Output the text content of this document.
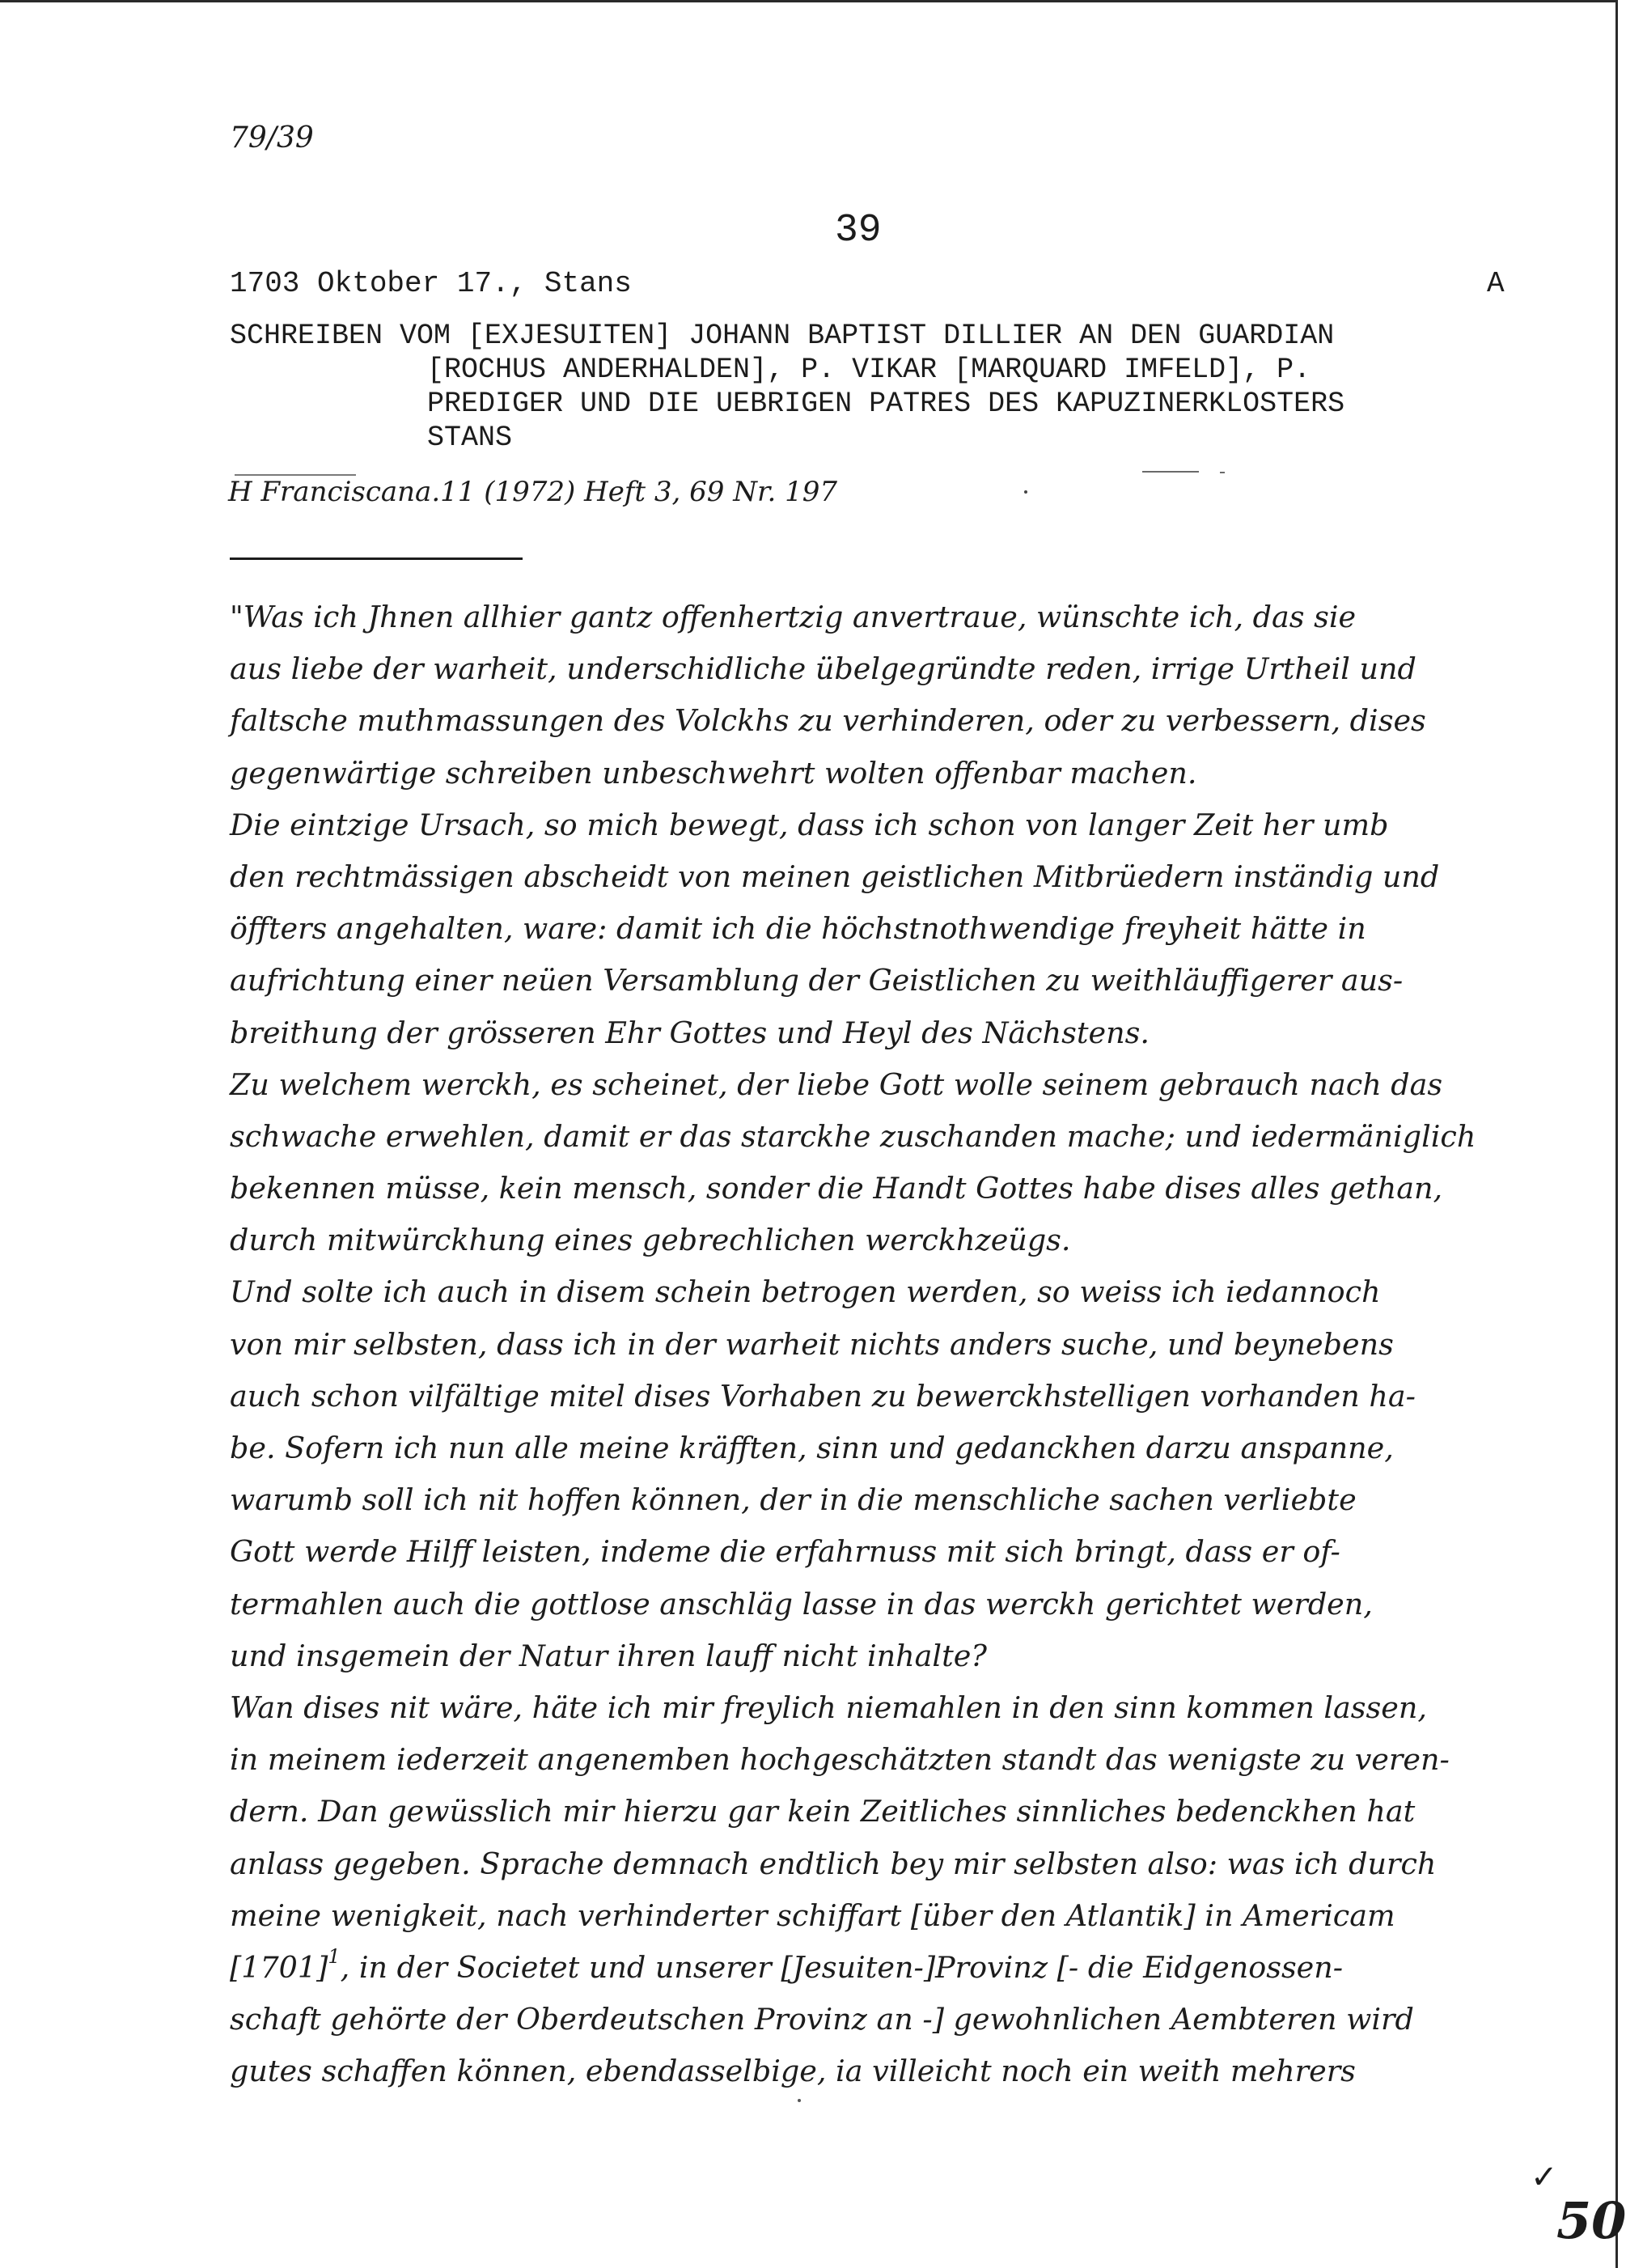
79/39
39
1703 Oktober 17., Stans	A
SCHREIBEN VOM [EXJESUITEN] JOHANN BAPTIST DILLIER AN DEN GUARDIAN
[ROCHUS ANDERHALDEN], P. VIKAR [MARQUARD IMFELD], P.
PREDIGER UND DIE UEBRIGEN PATRES DES KAPUZINERKLOSTERS
STANS
H Franciscana.11 (1972) Heft 3, 69 Nr. 197
"Was ich Jhnen allhier gantz offenhertzig anvertraue, wünschte ich, das sie
aus liebe der warheit, underschidliche übelgegründte reden, irrige Urtheil und
faltsche muthmassungen des Volckhs zu verhinderen, oder zu verbessern, dises
gegenwärtige schreiben unbeschwehrt wolten offenbar machen.
Die eintzige Ursach, so mich bewegt, dass ich schon von langer Zeit her umb
den rechtmässigen abscheidt von meinen geistlichen Mitbrüedern inständig und
öffters angehalten, ware: damit ich die höchstnothwendige freyheit hätte in
aufrichtung einer neüen Versamblung der Geistlichen zu weithläuffigerer aus-
breithung der grösseren Ehr Gottes und Heyl des Nächstens.
Zu welchem werckh, es scheinet, der liebe Gott wolle seinem gebrauch nach das
schwache erwehlen, damit er das starckhe zuschanden mache; und iedermäniglich
bekennen müsse, kein mensch, sonder die Handt Gottes habe dises alles gethan,
durch mitwürckhung eines gebrechlichen werckhzeügs.
Und solte ich auch in disem schein betrogen werden, so weiss ich iedannoch
von mir selbsten, dass ich in der warheit nichts anders suche, und beynebens
auch schon vilfältige mitel dises Vorhaben zu bewerckhstelligen vorhanden ha-
be. Sofern ich nun alle meine kräfften, sinn und gedanckhen darzu anspanne,
warumb soll ich nit hoffen können, der in die menschliche sachen verliebte
Gott werde Hilff leisten, indeme die erfahrnuss mit sich bringt, dass er of-
termahlen auch die gottlose anschläg lasse in das werckh gerichtet werden,
und insgemein der Natur ihren lauff nicht inhalte?
Wan dises nit wäre, häte ich mir freylich niemahlen in den sinn kommen lassen,
in meinem iederzeit angenemben hochgeschätzten standt das wenigste zu veren-
dern. Dan gewüsslich mir hierzu gar kein Zeitliches sinnliches bedenckhen hat
anlass gegeben. Sprache demnach endtlich bey mir selbsten also: was ich durch
meine wenigkeit, nach verhinderter schiffart [über den Atlantik] in Americam
$[1701]^1$, in der Societet und unserer [Jesuiten-]Provinz [- die Eidgenossen-
schaft gehörte der Oberdeutschen Provinz an -] gewohnlichen Aembteren wird
gutes schaffen können, ebendasselbige, ia villeicht noch ein weith mehrers
✓
50
